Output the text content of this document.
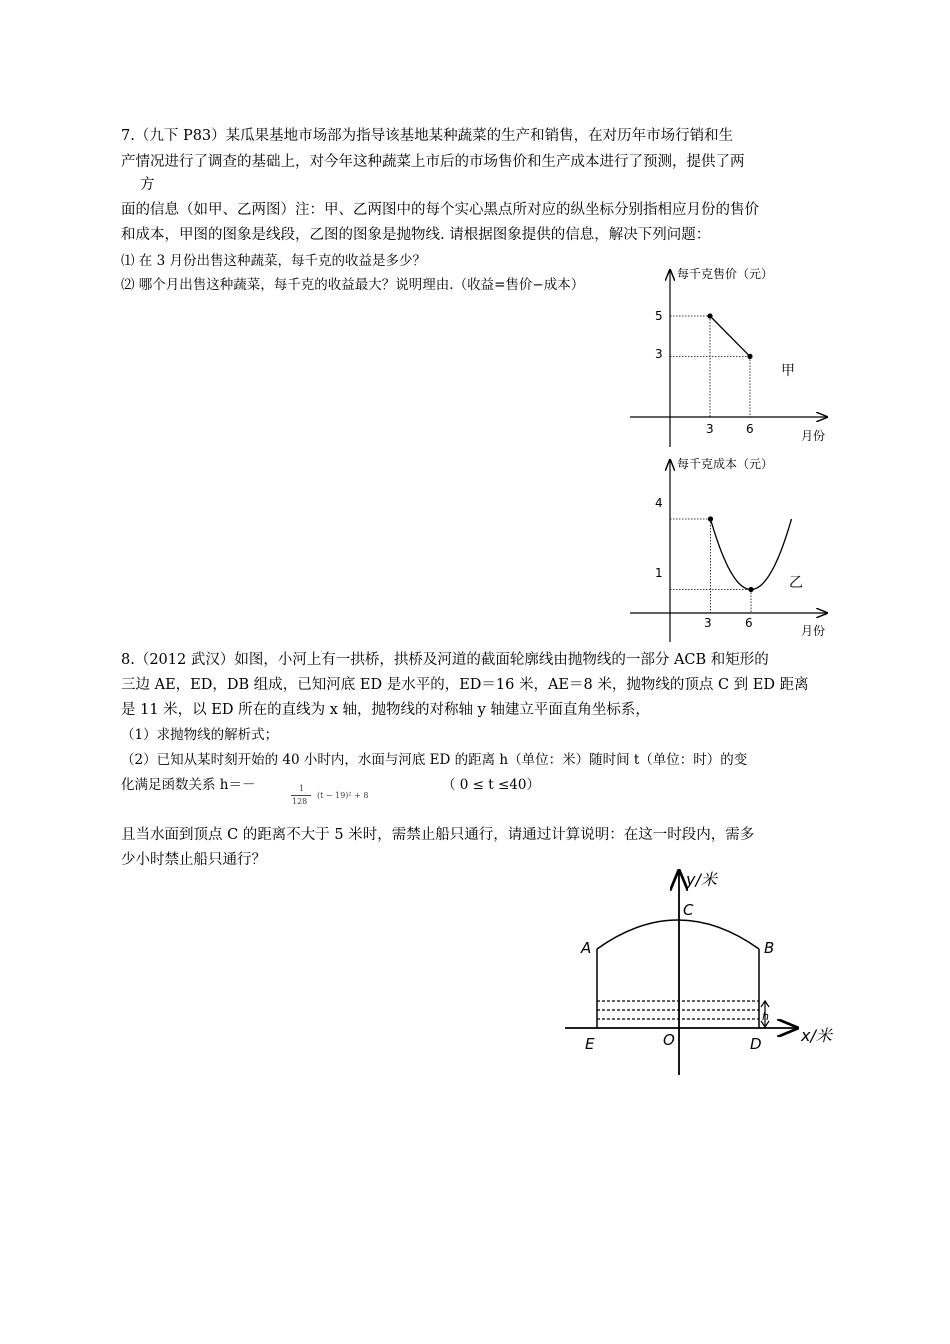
7.（九下 P83）某瓜果基地市场部为指导该基地某种蔬菜的生产和销售，在对历年市场行销和生
产情况进行了调查的基础上，对今年这种蔬菜上市后的市场售价和生产成本进行了预测，提供了两
方
面的信息（如甲、乙两图）注：甲、乙两图中的每个实心黑点所对应的纵坐标分别指相应月份的售价
和成本，甲图的图象是线段，乙图的图象是抛物线. 请根据图象提供的信息，解决下列问题：
⑴ 在 3 月份出售这种蔬菜，每千克的收益是多少？
⑵ 哪个月出售这种蔬菜，每千克的收益最大？说明理由.（收益=售价−成本）
每千克售价（元）
月份
甲
5
3
3	6
每千克成本（元）
月份
乙
4
1
3	6
8.（2012 武汉）如图，小河上有一拱桥，拱桥及河道的截面轮廓线由抛物线的一部分 ACB 和矩形的
三边 AE，ED，DB 组成，已知河底 ED 是水平的，ED＝16 米，AE＝8 米，抛物线的顶点 C 到 ED 距离
是 11 米，以 ED 所在的直线为 x 轴，抛物线的对称轴 y 轴建立平面直角坐标系，
（1）求抛物线的解析式；
（2）已知从某时刻开始的 40 小时内，水面与河底 ED 的距离 h（单位：米）随时间 t（单位：时）的变
化满足函数关系 h＝－	1
128
(t − 19)² + 8
（ 0 ≤ t ≤40）
且当水面到顶点 C 的距离不大于 5 米时，需禁止船只通行，请通过计算说明：在这一时段内，需多
少小时禁止船只通行？
y/米
x/米
A	B
C
E	O	D
h
